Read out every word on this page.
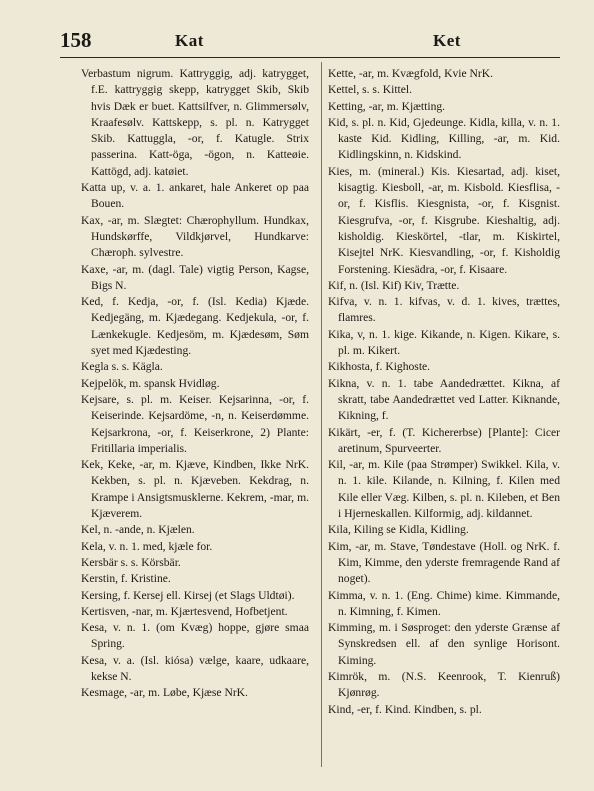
158	Kat	Ket

Verbastum nigrum. Kattryggig, adj. katrygget, f.E. kattryggig skepp, katrygget Skib, Skib hvis Dæk er buet. Kattsilfver, n. Glimmersølv, Kraafesølv. Kattskepp, s. pl. n. Katrygget Skib. Kattuggla, -or, f. Katugle. Strix passerina. Katt-öga, -ögon, n. Katteøie. Kattögd, adj. katøiet.

Katta up, v. a. 1. ankaret, hale Ankeret op paa Bouen.

Kax, -ar, m. Slægtet: Chærophyllum. Hundkax, Hundskørffe, Vildkjørvel, Hundkarve: Chæroph. sylvestre.

Kaxe, -ar, m. (dagl. Tale) vigtig Person, Kagse, Bigs N.

Ked, f. Kedja, -or, f. (Isl. Kedia) Kjæde. Kedjegäng, m. Kjædegang. Kedjekula, -or, f. Lænkekugle. Kedjesöm, m. Kjædesøm, Søm syet med Kjædesting.

Kegla s. s. Kägla.

Kejpelök, m. spansk Hvidløg.

Kejsare, s. pl. m. Keiser. Kejsarinna, -or, f. Keiserinde. Kejsardöme, -n, n. Keiserdømme. Kejsarkrona, -or, f. Keiserkrone, 2) Plante: Fritillaria imperialis.

Kek, Keke, -ar, m. Kjæve, Kindben, Ikke NrK. Kekben, s. pl. n. Kjæveben. Kekdrag, n. Krampe i Ansigtsmusklerne. Kekrem, -mar, m. Kjæverem.

Kel, n. -ande, n. Kjælen.

Kela, v. n. 1. med, kjæle for.

Kersbär s. s. Körsbär.

Kerstin, f. Kristine.

Kersing, f. Kersej ell. Kirsej (et Slags Uldtøi).

Kertisven, -nar, m. Kjærtesvend, Hofbetjent.

Kesa, v. n. 1. (om Kvæg) hoppe, gjøre smaa Spring.

Kesa, v. a. (Isl. kiósa) vælge, kaare, udkaare, kekse N.

Kesmage, -ar, m. Løbe, Kjæse NrK.

Kette, -ar, m. Kvægfold, Kvie NrK.

Kettel, s. s. Kittel.

Ketting, -ar, m. Kjætting.

Kid, s. pl. n. Kid, Gjedeunge. Kidla, killa, v. n. 1. kaste Kid. Kidling, Killing, -ar, m. Kid. Kidlingskinn, n. Kidskind.

Kies, m. (mineral.) Kis. Kiesartad, adj. kiset, kisagtig. Kiesboll, -ar, m. Kisbold. Kiesflisa, -or, f. Kisflis. Kiesgnista, -or, f. Kisgnist. Kiesgrufva, -or, f. Kisgrube. Kieshaltig, adj. kisholdig. Kieskörtel, -tlar, m. Kiskirtel, Kisejtel NrK. Kiesvandling, -or, f. Kisholdig Forstening. Kiesädra, -or, f. Kisaare.

Kif, n. (Isl. Kif) Kiv, Trætte.

Kifva, v. n. 1. kifvas, v. d. 1. kives, trættes, flamres.

Kika, v, n. 1. kige. Kikande, n. Kigen. Kikare, s. pl. m. Kikert.

Kikhosta, f. Kighoste.

Kikna, v. n. 1. tabe Aandedrættet. Kikna, af skratt, tabe Aandedrættet ved Latter. Kiknande, Kikning, f.

Kikärt, -er, f. (T. Kichererbse) [Plante]: Cicer aretinum, Spurveerter.

Kil, -ar, m. Kile (paa Strømper) Swikkel. Kila, v. n. 1. kile. Kilande, n. Kilning, f. Kilen med Kile eller Væg. Kilben, s. pl. n. Kileben, et Ben i Hjerneskallen. Kilformig, adj. kildannet.

Kila, Kiling se Kidla, Kidling.

Kim, -ar, m. Stave, Tøndestave (Holl. og NrK. f. Kim, Kimme, den yderste fremragende Rand af noget).

Kimma, v. n. 1. (Eng. Chime) kime. Kimmande, n. Kimning, f. Kimen.

Kimming, m. i Søsproget: den yderste Grænse af Synskredsen ell. af den synlige Horisont. Kiming.

Kimrök, m. (N.S. Keenrook, T. Kienruß) Kjønrøg.

Kind, -er, f. Kind. Kindben, s. pl.
